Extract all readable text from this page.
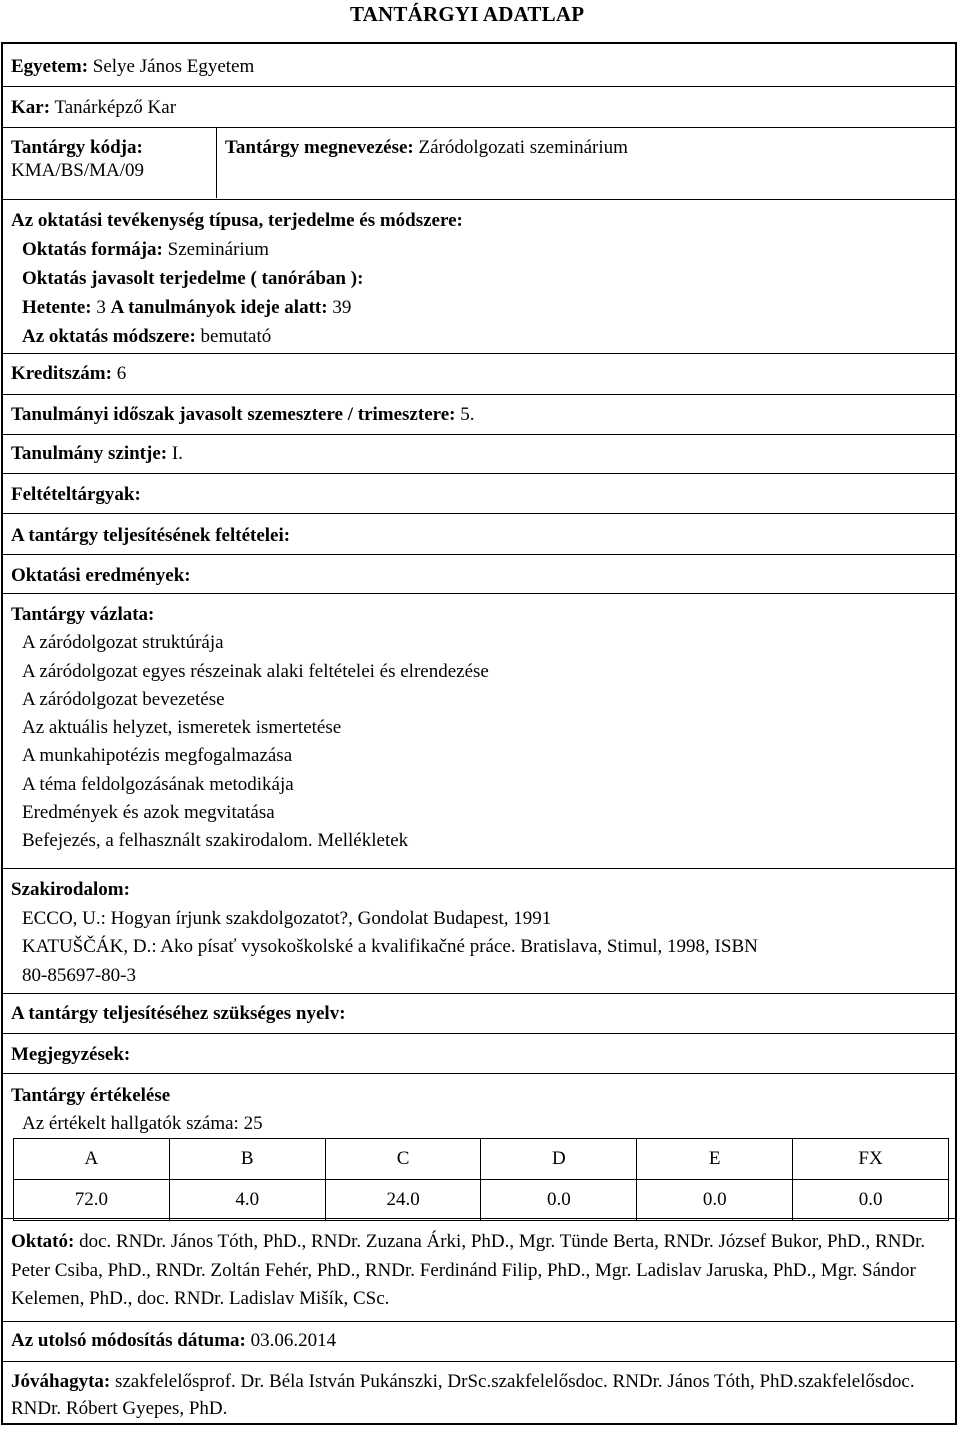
TANTÁRGYI ADATLAP
Egyetem: Selye János Egyetem
Kar: Tanárképző Kar
Tantárgy kódja:
KMA/BS/MA/09
Tantárgy megnevezése: Záródolgozati szeminárium
Az oktatási tevékenység típusa, terjedelme és módszere:
Oktatás formája: Szeminárium
Oktatás javasolt terjedelme ( tanórában ):
Hetente: 3 A tanulmányok ideje alatt: 39
Az oktatás módszere: bemutató
Kreditszám: 6
Tanulmányi időszak javasolt szemesztere / trimesztere: 5.
Tanulmány szintje: I.
Feltételtárgyak:
A tantárgy teljesítésének feltételei:
Oktatási eredmények:
Tantárgy vázlata:
A záródolgozat struktúrája
A záródolgozat egyes részeinak alaki feltételei és elrendezése
A záródolgozat bevezetése
Az aktuális helyzet, ismeretek ismertetése
A munkahipotézis megfogalmazása
A téma feldolgozásának metodikája
Eredmények és azok megvitatása
Befejezés, a felhasznált szakirodalom. Mellékletek
Szakirodalom:
ECCO, U.: Hogyan írjunk szakdolgozatot?, Gondolat Budapest, 1991
KATUŠČÁK, D.: Ako písať vysokoškolské a kvalifikačné práce. Bratislava, Stimul, 1998, ISBN
80-85697-80-3
A tantárgy teljesítéséhez szükséges nyelv:
Megjegyzések:
Tantárgy értékelése
Az értékelt hallgatók száma: 25
A	B	C	D	E	FX
72.0	4.0	24.0	0.0	0.0	0.0
Oktató: doc. RNDr. János Tóth, PhD., RNDr. Zuzana Árki, PhD., Mgr. Tünde Berta, RNDr. József Bukor, PhD., RNDr. Peter Csiba, PhD., RNDr. Zoltán Fehér, PhD., RNDr. Ferdinánd Filip, PhD., Mgr. Ladislav Jaruska, PhD., Mgr. Sándor Kelemen, PhD., doc. RNDr. Ladislav Mišík, CSc.
Az utolsó módosítás dátuma: 03.06.2014
Jóváhagyta: szakfelelősprof. Dr. Béla István Pukánszki, DrSc.szakfelelősdoc. RNDr. János Tóth, PhD.szakfelelősdoc. RNDr. Róbert Gyepes, PhD.
